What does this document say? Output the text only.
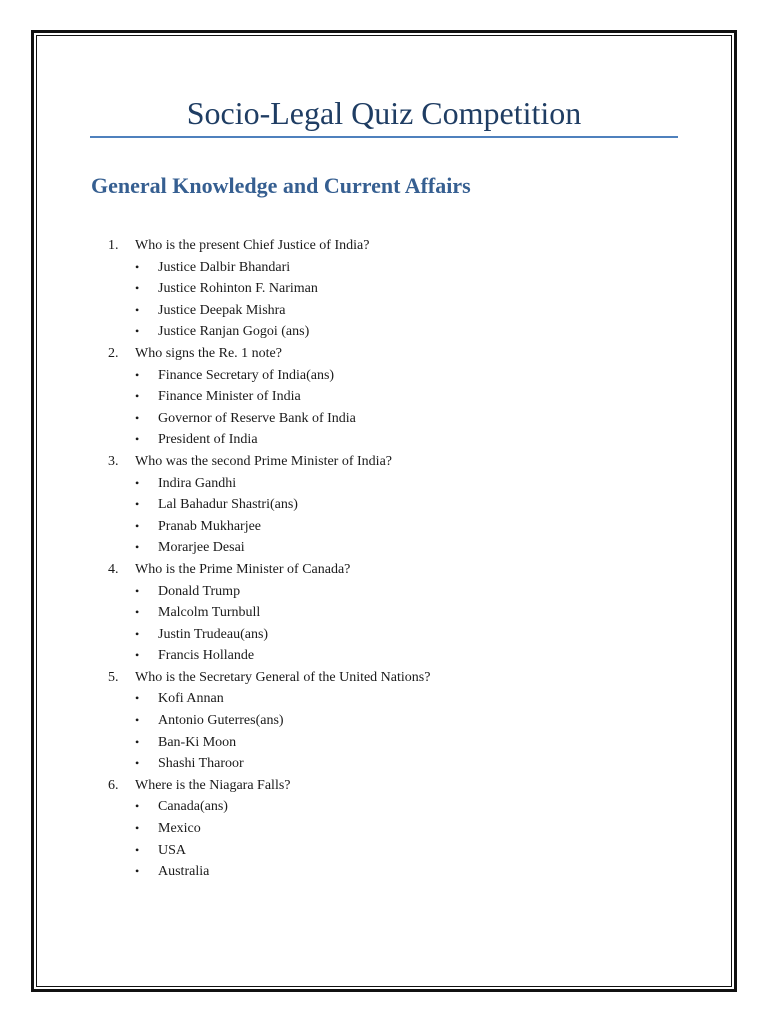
Socio-Legal Quiz Competition
General Knowledge and Current Affairs
1.	Who is the present Chief Justice of India?
•	Justice Dalbir Bhandari
•	Justice Rohinton F. Nariman
•	Justice Deepak Mishra
•	Justice Ranjan Gogoi (ans)
2.	Who signs the Re. 1 note?
•	Finance Secretary of India(ans)
•	Finance Minister of India
•	Governor of Reserve Bank of India
•	President of India
3.	Who was the second Prime Minister of India?
•	Indira Gandhi
•	Lal Bahadur Shastri(ans)
•	Pranab Mukharjee
•	Morarjee Desai
4.	Who is the Prime Minister of Canada?
•	Donald Trump
•	Malcolm Turnbull
•	Justin Trudeau(ans)
•	Francis Hollande
5.	Who is the Secretary General of the United Nations?
•	Kofi Annan
•	Antonio Guterres(ans)
•	Ban-Ki Moon
•	Shashi Tharoor
6.	Where is the Niagara Falls?
•	Canada(ans)
•	Mexico
•	USA
•	Australia
